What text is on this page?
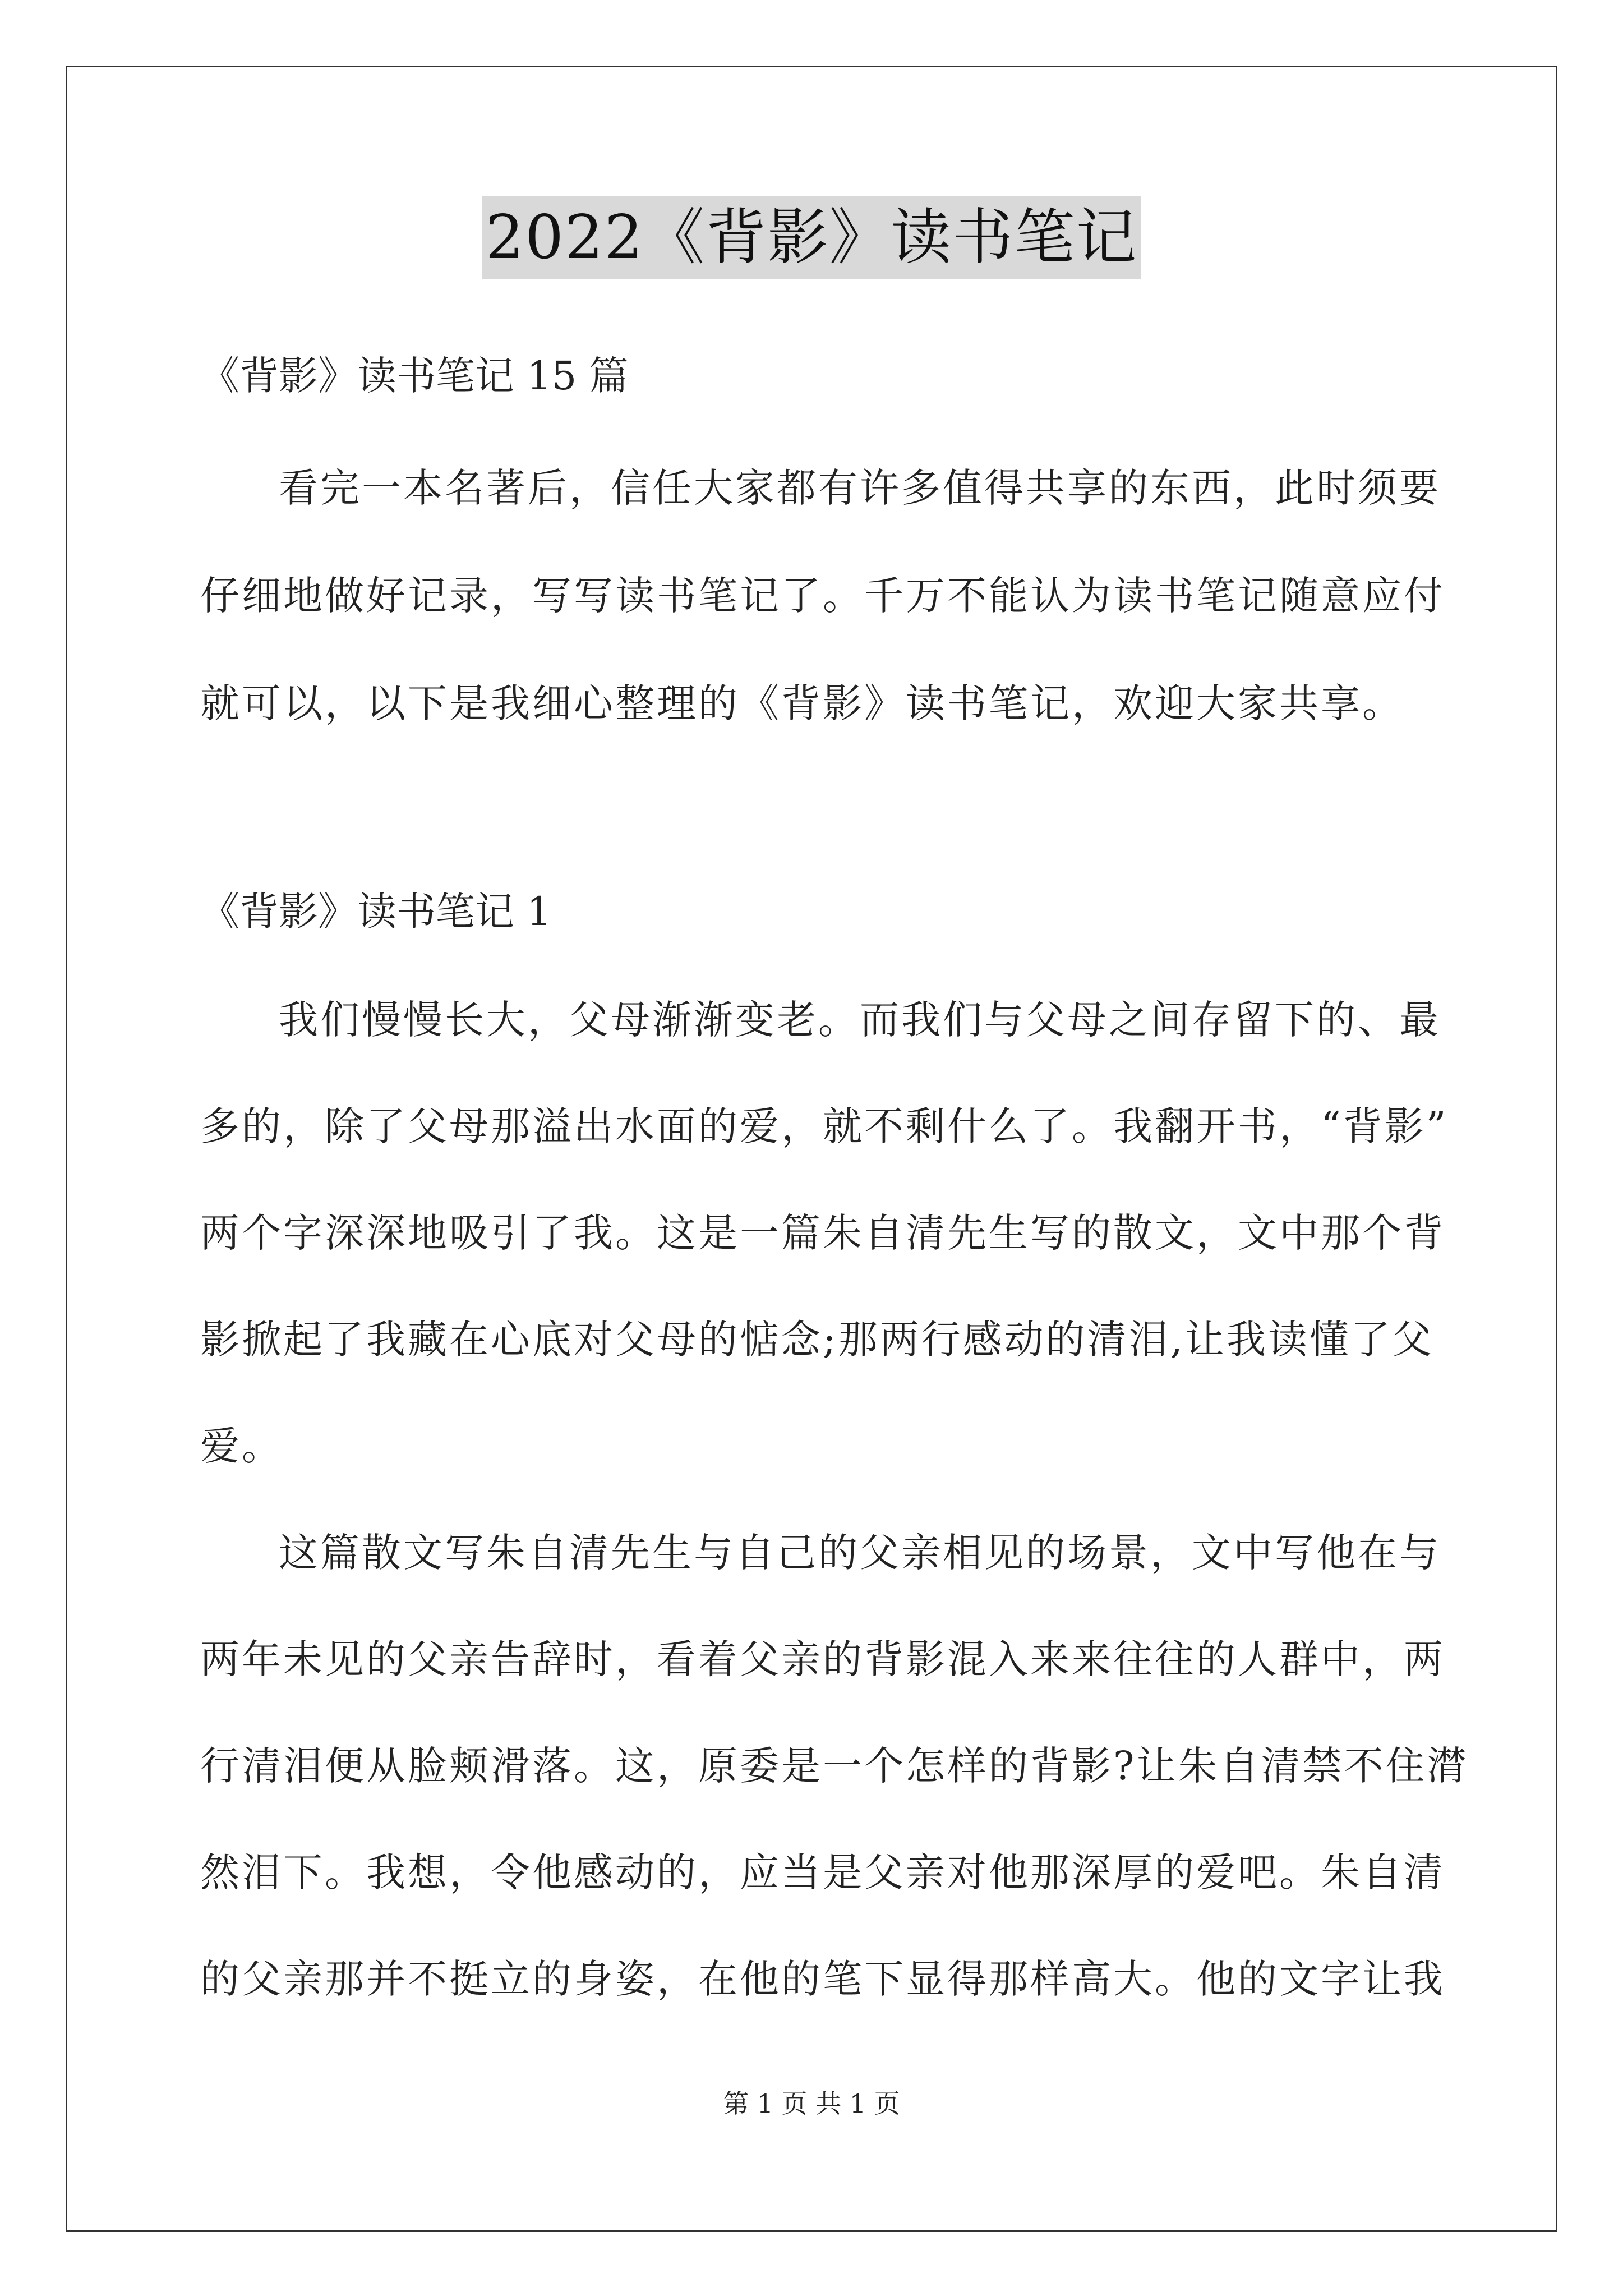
2022《背影》读书笔记
《背影》读书笔记 15 篇
看完一本名著后，信任大家都有许多值得共享的东西，此时须要
仔细地做好记录，写写读书笔记了。千万不能认为读书笔记随意应付
就可以，以下是我细心整理的《背影》读书笔记，欢迎大家共享。
《背影》读书笔记 1
我们慢慢长大，父母渐渐变老。而我们与父母之间存留下的、最
多的，除了父母那溢出水面的爱，就不剩什么了。我翻开书，“背影”
两个字深深地吸引了我。这是一篇朱自清先生写的散文，文中那个背
影掀起了我藏在心底对父母的惦念;那两行感动的清泪,让我读懂了父
爱。
这篇散文写朱自清先生与自己的父亲相见的场景，文中写他在与
两年未见的父亲告辞时，看着父亲的背影混入来来往往的人群中，两
行清泪便从脸颊滑落。这，原委是一个怎样的背影?让朱自清禁不住潸
然泪下。我想，令他感动的，应当是父亲对他那深厚的爱吧。朱自清
的父亲那并不挺立的身姿，在他的笔下显得那样高大。他的文字让我
第 1 页 共 1 页
